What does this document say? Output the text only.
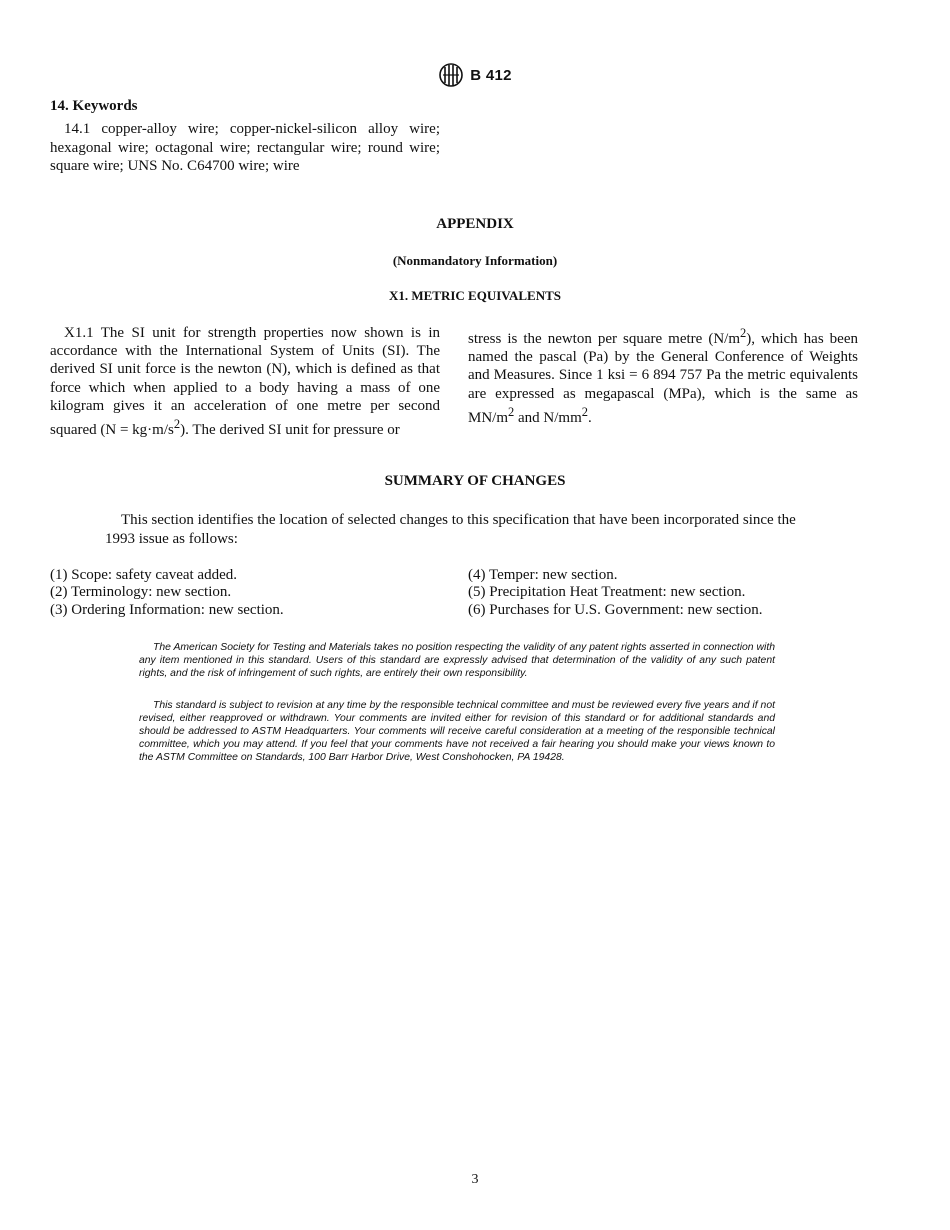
B 412
14. Keywords

14.1 copper-alloy wire; copper-nickel-silicon alloy wire; hexagonal wire; octagonal wire; rectangular wire; round wire; square wire; UNS No. C64700 wire; wire

APPENDIX

(Nonmandatory Information)

X1. METRIC EQUIVALENTS

X1.1 The SI unit for strength properties now shown is in accordance with the International System of Units (SI). The derived SI unit force is the newton (N), which is defined as that force which when applied to a body having a mass of one kilogram gives it an acceleration of one metre per second squared $(N = kg\cdot m/s^2)$. The derived SI unit for pressure or

stress is the newton per square metre $(N/m^2)$, which has been named the pascal (Pa) by the General Conference of Weights and Measures. Since 1 ksi = 6 894 757 Pa the metric equivalents are expressed as megapascal (MPa), which is the same as $MN/m^2$ and $N/mm^2$.

SUMMARY OF CHANGES

This section identifies the location of selected changes to this specification that have been incorporated since the 1993 issue as follows:

(1) Scope: safety caveat added.	(4) Temper: new section.
(2) Terminology: new section.	(5) Precipitation Heat Treatment: new section.
(3) Ordering Information: new section.	(6) Purchases for U.S. Government: new section.

The American Society for Testing and Materials takes no position respecting the validity of any patent rights asserted in connection with any item mentioned in this standard. Users of this standard are expressly advised that determination of the validity of any such patent rights, and the risk of infringement of such rights, are entirely their own responsibility.

This standard is subject to revision at any time by the responsible technical committee and must be reviewed every five years and if not revised, either reapproved or withdrawn. Your comments are invited either for revision of this standard or for additional standards and should be addressed to ASTM Headquarters. Your comments will receive careful consideration at a meeting of the responsible technical committee, which you may attend. If you feel that your comments have not received a fair hearing you should make your views known to the ASTM Committee on Standards, 100 Barr Harbor Drive, West Conshohocken, PA 19428.

3
